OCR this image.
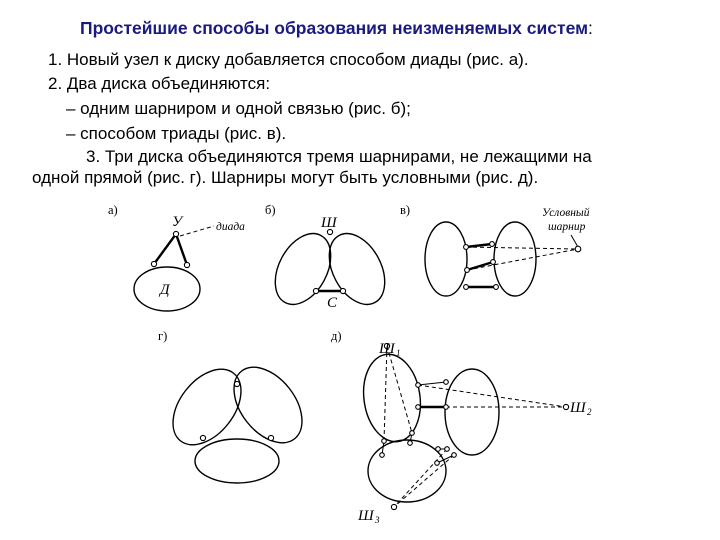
Простейшие способы образования неизменяемых систем:
1. Новый узел к диску добавляется способом диады (рис. а).
2. Два диска объединяются:
– одним шарниром и одной связью (рис. б);
– способом триады (рис. в).
3. Три диска объединяются тремя шарнирами, не лежащими на
одной прямой (рис. г). Шарниры могут быть условными (рис. д).
а)
У	диада
Д
б)
Ш
С
в)	Условный
шарнир
г)	д)
Ш 1
Ш 2
Ш 3
